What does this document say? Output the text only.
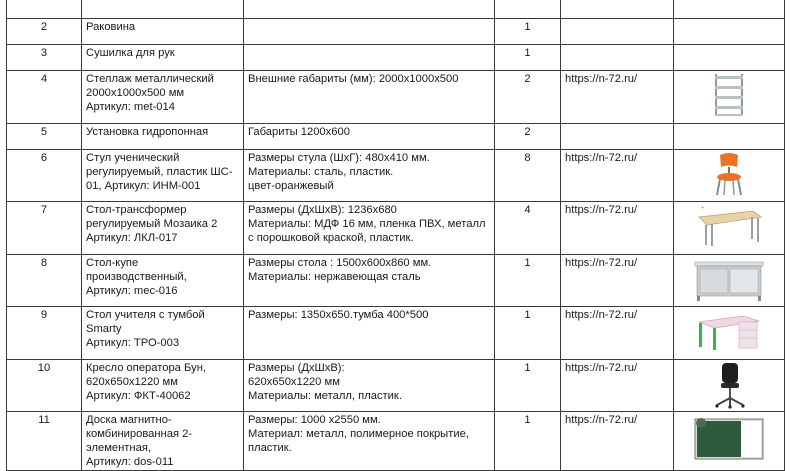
2	Раковина		1		
3	Сушилка для рук		1		
4	Стеллаж металлический
2000х1000х500 мм
Артикул: met-014	Внешние габариты (мм): 2000х1000х500	2	https://n-72.ru/	

5	Установка гидропонная	Габариты 1200х600	2		
6	Стул ученический
регулируемый, пластик ШС-
01, Артикул: ИНМ-001	Размеры стула (ШхГ): 480х410 мм.
Материалы: сталь, пластик.
цвет-оранжевый	8	https://n-72.ru/	

7	Стол-трансформер
регулируемый Мозаика 2
Артикул: ЛКЛ-017	Размеры (ДхШхВ): 1236х680
Материалы: МДФ 16 мм, пленка ПВХ, металл
с порошковой краской, пластик.	4	https://n-72.ru/	✶

8	Стол-купе
производственный,
Артикул: mec-016	Размеры стола : 1500х600х860 мм.
Материалы: нержавеющая сталь	1	https://n-72.ru/	

9	Стол учителя с тумбой Smarty
Артикул: ТРО-003	Размеры: 1350х650.тумба 400*500	1	https://n-72.ru/	

10	Кресло оператора Бун,
620х650х1220 мм
Артикул: ФКТ-40062	Размеры (ДхШхВ):
620х650х1220 мм
Материалы: металл, пластик.	1	https://n-72.ru/	

11	Доска магнитно-
комбинированная 2-
элементная,
Артикул: dos-011	Размеры: 1000 х2550 мм.
Материал: металл, полимерное покрытие,
пластик.	1	https://n-72.ru/	
